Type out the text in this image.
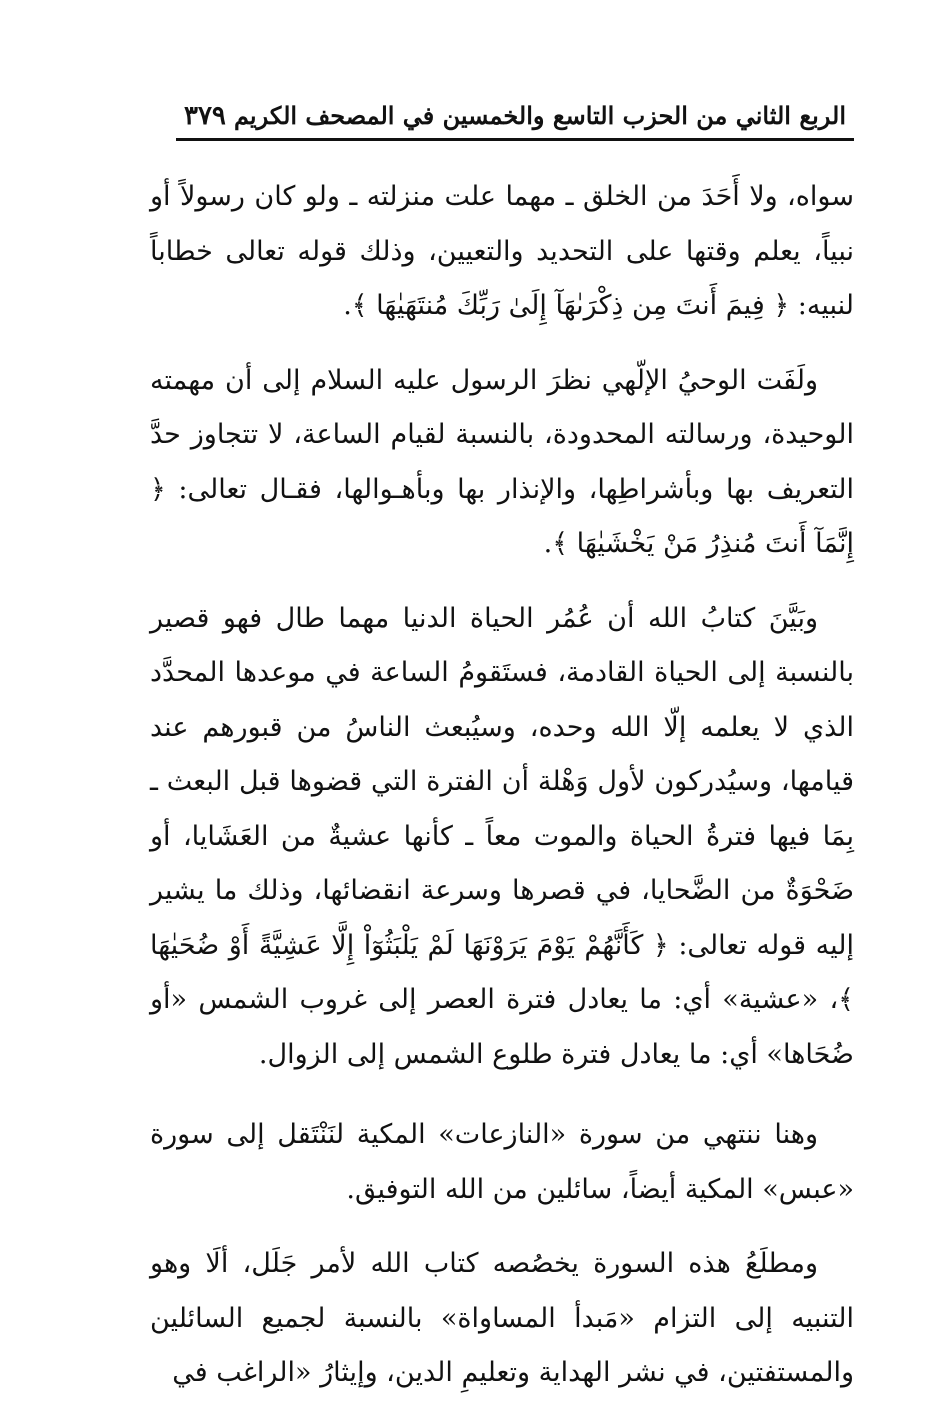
الربع الثاني من الحزب التاسع والخمسين في المصحف الكريم
٣٧٩

سواه، ولا أَحَدَ من الخلق ـ مهما علت منزلته ـ ولو كان رسولاً أو نبياً، يعلم وقتها على التحديد والتعيين، وذلك قوله تعالى خطاباً لنبيه: ﴿ فِيمَ أَنتَ مِن ذِكْرَىٰهَآ إِلَىٰ رَبِّكَ مُنتَهَيٰهَا ﴾.

ولَفَت الوحيُ الإلّهي نظرَ الرسول عليه السلام إلى أن مهمته الوحيدة، ورسالته المحدودة، بالنسبة لقيام الساعة، لا تتجاوز حدَّ التعريف بها وبأشراطِها، والإنذار بها وبأهـوالها، فقـال تعالى: ﴿ إِنَّمَآ أَنتَ مُنذِرُ مَنْ يَخْشَيٰهَا ﴾.

وبَيَّنَ كتابُ الله أن عُمُر الحياة الدنيا مهما طال فهو قصير بالنسبة إلى الحياة القادمة، فستَقومُ الساعة في موعدها المحدَّد الذي لا يعلمه إلّا الله وحده، وسيُبعث الناسُ من قبورهم عند قيامها، وسيُدركون لأول وَهْلة أن الفترة التي قضوها قبل البعث ـ بِمَا فيها فترةُ الحياة والموت معاً ـ كأنها عشيةٌ من العَشَايا، أو ضَحْوَةٌ من الضَّحايا، في قصرها وسرعة انقضائها، وذلك ما يشير إليه قوله تعالى: ﴿ كَأَنَّهُمْ يَوْمَ يَرَوْنَهَا لَمْ يَلْبَثُوٓاْ إِلَّا عَشِيَّةً أَوْ ضُحَيٰهَا ﴾، «عشية» أي: ما يعادل فترة العصر إلى غروب الشمس «أو ضُحَاها» أي: ما يعادل فترة طلوع الشمس إلى الزوال.

وهنا ننتهي من سورة «النازعات» المكية لنَنْتَقل إلى سورة «عبس» المكية أيضاً، سائلين من الله التوفيق.

ومطلَعُ هذه السورة يخصُصه كتاب الله لأمر جَلَل، ألَا وهو التنبيه إلى التزام «مَبدأ المساواة» بالنسبة لجميع السائلين والمستفتين، في نشر الهداية وتعليمِ الدين، وإيثارُ «الراغب في
